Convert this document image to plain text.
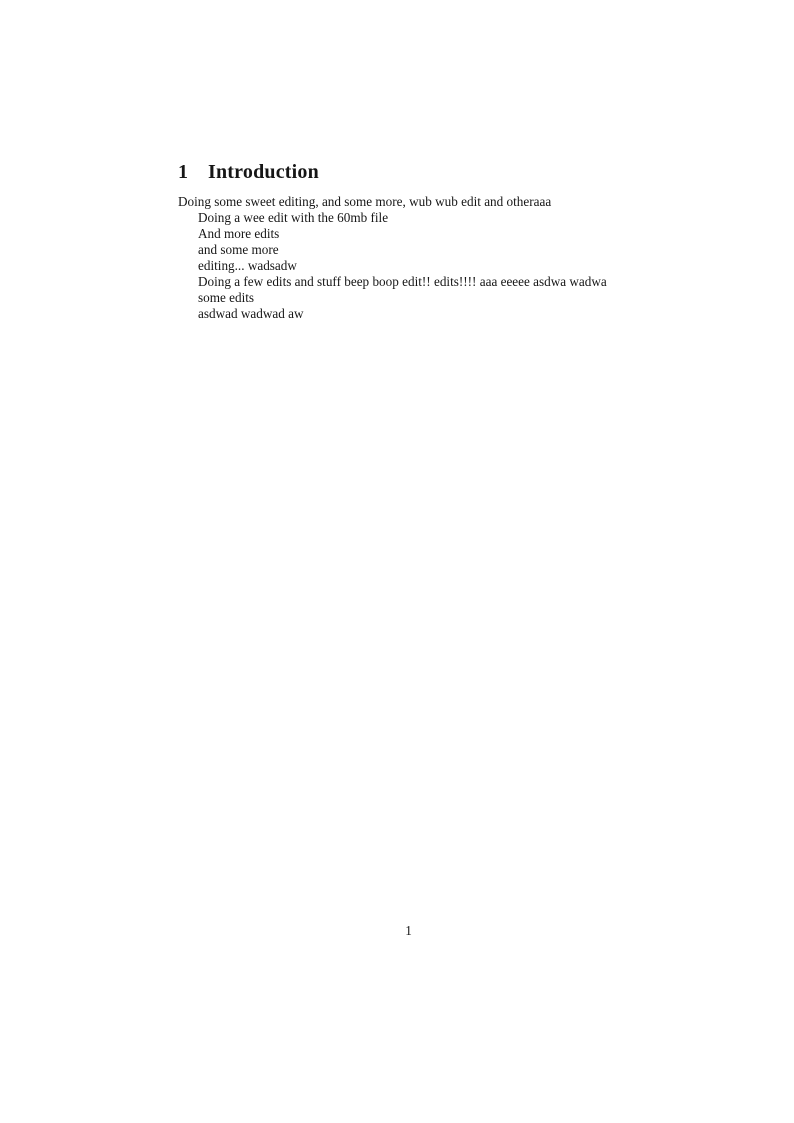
1 Introduction

Doing some sweet editing, and some more, wub wub edit and otheraaa

Doing a wee edit with the 60mb file

And more edits

and some more

editing... wadsadw

Doing a few edits and stuff beep boop edit!! edits!!!! aaa eeeee asdwa wadwa

some edits

asdwad wadwad aw

1
